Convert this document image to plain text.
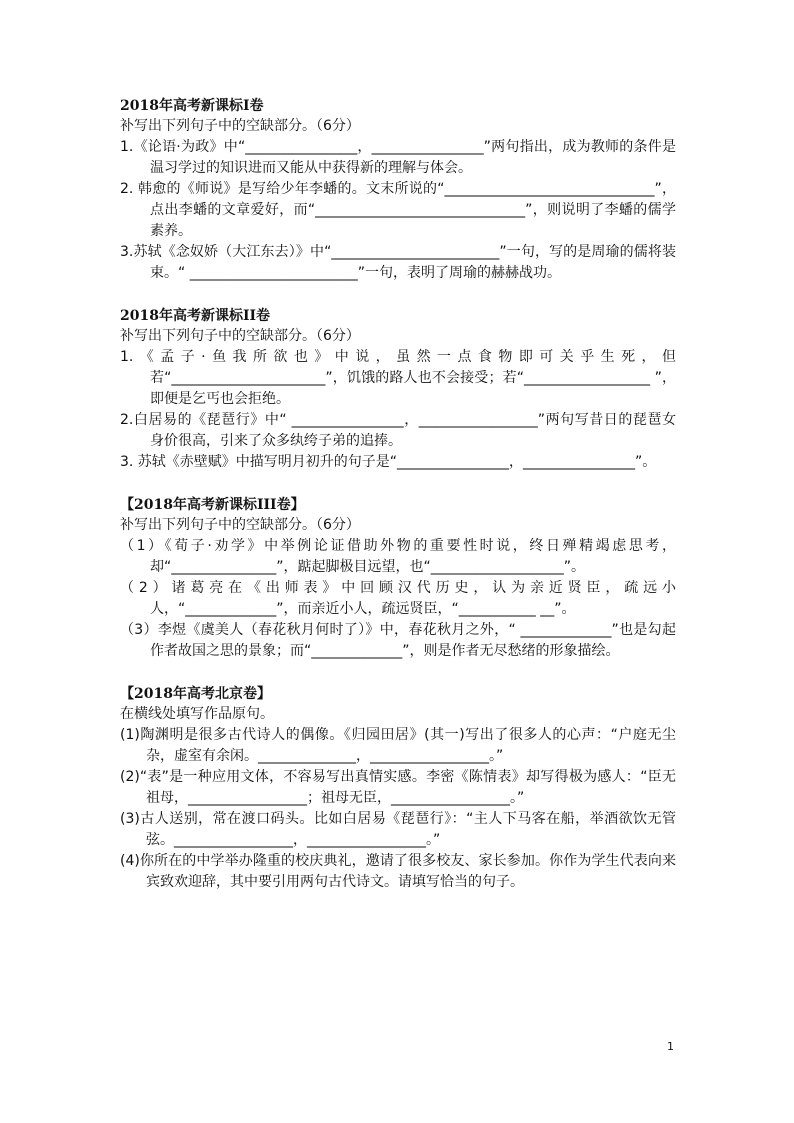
2018年高考新课标I卷

补写出下列句子中的空缺部分。（6分）

1.《论语·为政》中“________________，________________”两句指出，成为教师的条件是温习学过的知识进而又能从中获得新的理解与体会。

2. 韩愈的《师说》是写给少年李蟠的。文末所说的“______________________________”，点出李蟠的文章爱好，而“______________________________”，则说明了李蟠的儒学素养。

3.苏轼《念奴娇（大江东去）》中“________________________”一句，写的是周瑜的儒将装束。“ ________________________”一句，表明了周瑜的赫赫战功。

2018年高考新课标II卷

补写出下列句子中的空缺部分。（6分）

1.《孟子·鱼我所欲也》中说，虽然一点食物即可关乎生死，但若“______________________”，饥饿的路人也不会接受；若“__________________ ”，即便是乞丐也会拒绝。

2.白居易的《琵琶行》中“ ________________，_________________”两句写昔日的琵琶女身价很高，引来了众多纨绔子弟的追捧。

3. 苏轼《赤壁赋》中描写明月初升的句子是“________________，________________”。

【2018年高考新课标III卷】

补写出下列句子中的空缺部分。（6分）

（1）《荀子·劝学》中举例论证借助外物的重要性时说，终日殚精竭虑思考，却“_______________”，踮起脚极目远望，也“___________________”。

（2）诸葛亮在《出师表》中回顾汉代历史，认为亲近贤臣，疏远小人，“_____________”，而亲近小人，疏远贤臣，“___________ __”。

（3）李煜《虞美人（春花秋月何时了）》中，春花秋月之外，“ _____________”也是勾起作者故国之思的景象；而“_____________”，则是作者无尽愁绪的形象描绘。

【2018年高考北京卷】

在横线处填写作品原句。

(1)陶渊明是很多古代诗人的偶像。《归园田居》(其一)写出了很多人的心声：“户庭无尘杂，虚室有余闲。______________，_________________。”

(2)“表”是一种应用文体，不容易写出真情实感。李密《陈情表》却写得极为感人：“臣无祖母，_________________；祖母无臣，_________________。”

(3)古人送别，常在渡口码头。比如白居易《琵琶行》：“主人下马客在船，举酒欲饮无管弦。_________________，_________________。”

(4)你所在的中学举办隆重的校庆典礼，邀请了很多校友、家长参加。你作为学生代表向来宾致欢迎辞，其中要引用两句古代诗文。请填写恰当的句子。

1
